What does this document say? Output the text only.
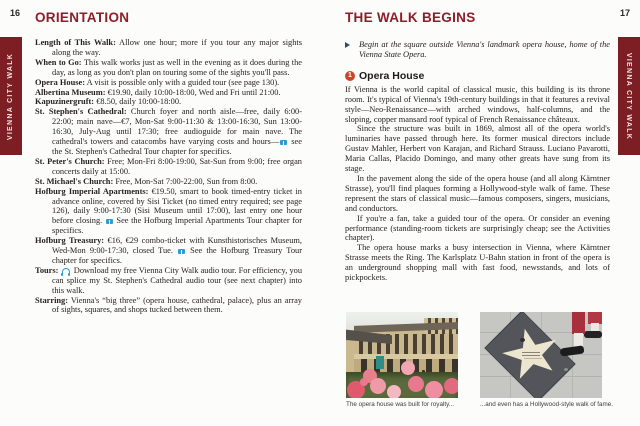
16
VIENNA CITY WALK
ORIENTATION

Length of This Walk: Allow one hour; more if you tour any major sights along the way.

When to Go: This walk works just as well in the evening as it does during the day, as long as you don't plan on touring some of the sights you'll pass.

Opera House: A visit is possible only with a guided tour (see page 130).

Albertina Museum: €19.90, daily 10:00-18:00, Wed and Fri until 21:00.

Kapuzinergruft: €8.50, daily 10:00-18:00.

St. Stephen's Cathedral: Church foyer and north aisle—free, daily 6:00-22:00; main nave—€7, Mon-Sat 9:00-11:30 & 13:00-16:30, Sun 13:00-16:30, July-Aug until 17:30; free audioguide for main nave. The cathedral's towers and catacombs have varying costs and hours— see the St. Stephen's Cathedral Tour chapter for specifics.

St. Peter's Church: Free; Mon-Fri 8:00-19:00, Sat-Sun from 9:00; free organ concerts daily at 15:00.

St. Michael's Church: Free, Mon-Sat 7:00-22:00, Sun from 8:00.

Hofburg Imperial Apartments: €19.50, smart to book timed-entry ticket in advance online, covered by Sisi Ticket (no timed entry required; see page 126), daily 9:00-17:30 (Sisi Museum until 17:00), last entry one hour before closing.  See the Hofburg Imperial Apartments Tour chapter for specifics.

Hofburg Treasury: €16, €29 combo-ticket with Kunsthistorisches Museum, Wed-Mon 9:00-17:30, closed Tue.  See the Hofburg Treasury Tour chapter for specifics.

Tours:  Download my free Vienna City Walk audio tour. For efficiency, you can splice my St. Stephen's Cathedral audio tour (see next chapter) into this walk.

Starring: Vienna's “big three” (opera house, cathedral, palace), plus an array of sights, squares, and shops tucked between them.

17
VIENNA CITY WALK
THE WALK BEGINS

Begin at the square outside Vienna's landmark opera house, home of the Vienna State Opera.

1 Opera House

If Vienna is the world capital of classical music, this building is its throne room. It's typical of Vienna's 19th-century buildings in that it features a revival style—Neo-Renaissance—with arched windows, half-columns, and the sloping, copper mansard roof typical of French Renaissance châteaux.

Since the structure was built in 1869, almost all of the opera world's luminaries have passed through here. Its former musical directors include Gustav Mahler, Herbert von Karajan, and Richard Strauss. Luciano Pavarotti, Maria Callas, Placido Domingo, and many other greats have sung from its stage.

In the pavement along the side of the opera house (and all along Kärntner Strasse), you'll find plaques forming a Hollywood-style walk of fame. These represent the stars of classical music—famous composers, singers, musicians, and conductors.

If you're a fan, take a guided tour of the opera. Or consider an evening performance (standing-room tickets are surprisingly cheap; see the Activities chapter).

The opera house marks a busy intersection in Vienna, where Kärntner Strasse meets the Ring. The Karlsplatz U-Bahn station in front of the opera is an underground shopping mall with fast food, newsstands, and lots of pickpockets.

The opera house was built for royalty...	...and even has a Hollywood-style walk of fame.
